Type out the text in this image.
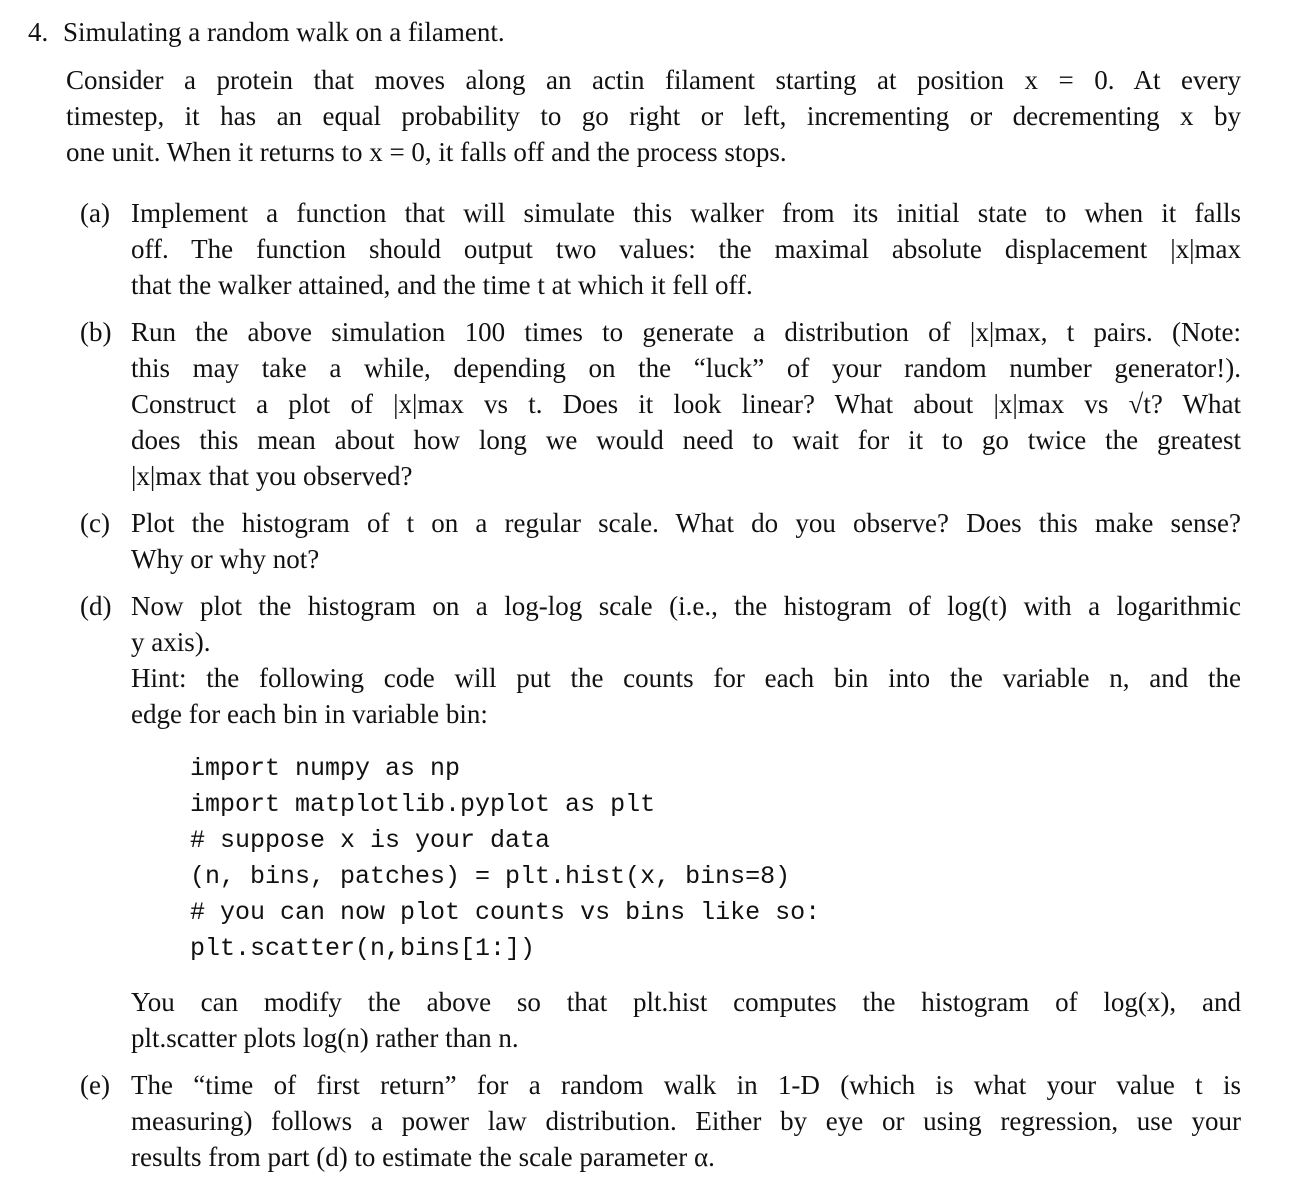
4. Simulating a random walk on a filament.
Consider a protein that moves along an actin filament starting at position x = 0. At every
timestep, it has an equal probability to go right or left, incrementing or decrementing x by
one unit. When it returns to x = 0, it falls off and the process stops.
(a) Implement a function that will simulate this walker from its initial state to when it falls
off. The function should output two values: the maximal absolute displacement |x|max
that the walker attained, and the time t at which it fell off.
(b) Run the above simulation 100 times to generate a distribution of |x|max, t pairs. (Note:
this may take a while, depending on the “luck” of your random number generator!).
Construct a plot of |x|max vs t. Does it look linear? What about |x|max vs √t? What
does this mean about how long we would need to wait for it to go twice the greatest
|x|max that you observed?
(c) Plot the histogram of t on a regular scale. What do you observe? Does this make sense?
Why or why not?
(d) Now plot the histogram on a log-log scale (i.e., the histogram of log(t) with a logarithmic
y axis).
Hint: the following code will put the counts for each bin into the variable n, and the
edge for each bin in variable bin:
import numpy as np
import matplotlib.pyplot as plt
# suppose x is your data
(n, bins, patches) = plt.hist(x, bins=8)
# you can now plot counts vs bins like so:
plt.scatter(n,bins[1:])
You can modify the above so that plt.hist computes the histogram of log(x), and
plt.scatter plots log(n) rather than n.
(e) The “time of first return” for a random walk in 1-D (which is what your value t is
measuring) follows a power law distribution. Either by eye or using regression, use your
results from part (d) to estimate the scale parameter α.
